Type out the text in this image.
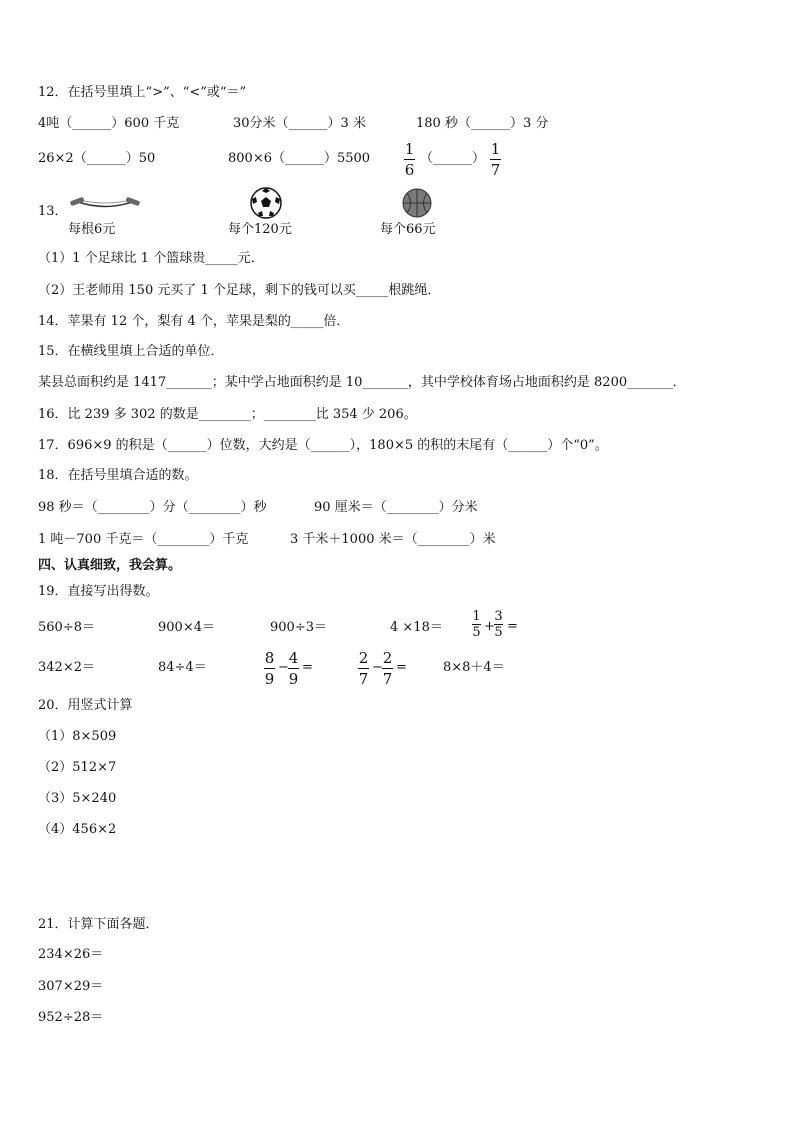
12．在括号里填上“>”、“<”或“＝”
4吨（______）600 千克	30分米（______）3 米	180 秒（______）3 分
26×2（______）50	800×6（______）5500
1
6
（______）
1
7
13．
每根6元	每个120元	每个66元
（1）1 个足球比 1 个篮球贵_____元．
（2）王老师用 150 元买了 1 个足球，剩下的钱可以买_____根跳绳．
14．苹果有 12 个，梨有 4 个，苹果是梨的_____倍．
15．在横线里填上合适的单位．
某县总面积约是 1417_______；某中学占地面积约是 10_______，其中学校体育场占地面积约是 8200_______．
16．比 239 多 302 的数是________；________比 354 少 206。
17．696×9 的积是（______）位数，大约是（______），180×5 的积的末尾有（______）个“0”。
18．在括号里填合适的数。
98 秒＝（________）分（________）秒	90 厘米＝（________）分米
1 吨－700 千克＝（________）千克	3 千米＋1000 米＝（________）米
四、认真细致，我会算。
19．直接写出得数。
560÷8＝	900×4＝	900÷3＝	4 ×18＝
1
5 +
3
5 =
342×2＝	84÷4＝
8
9
−
4
9
=
2
7
−
2
7
=	8×8＋4＝
20．用竖式计算
（1）8×509
（2）512×7
（3）5×240
（4）456×2
21．计算下面各题．
234×26＝
307×29＝
952÷28＝
